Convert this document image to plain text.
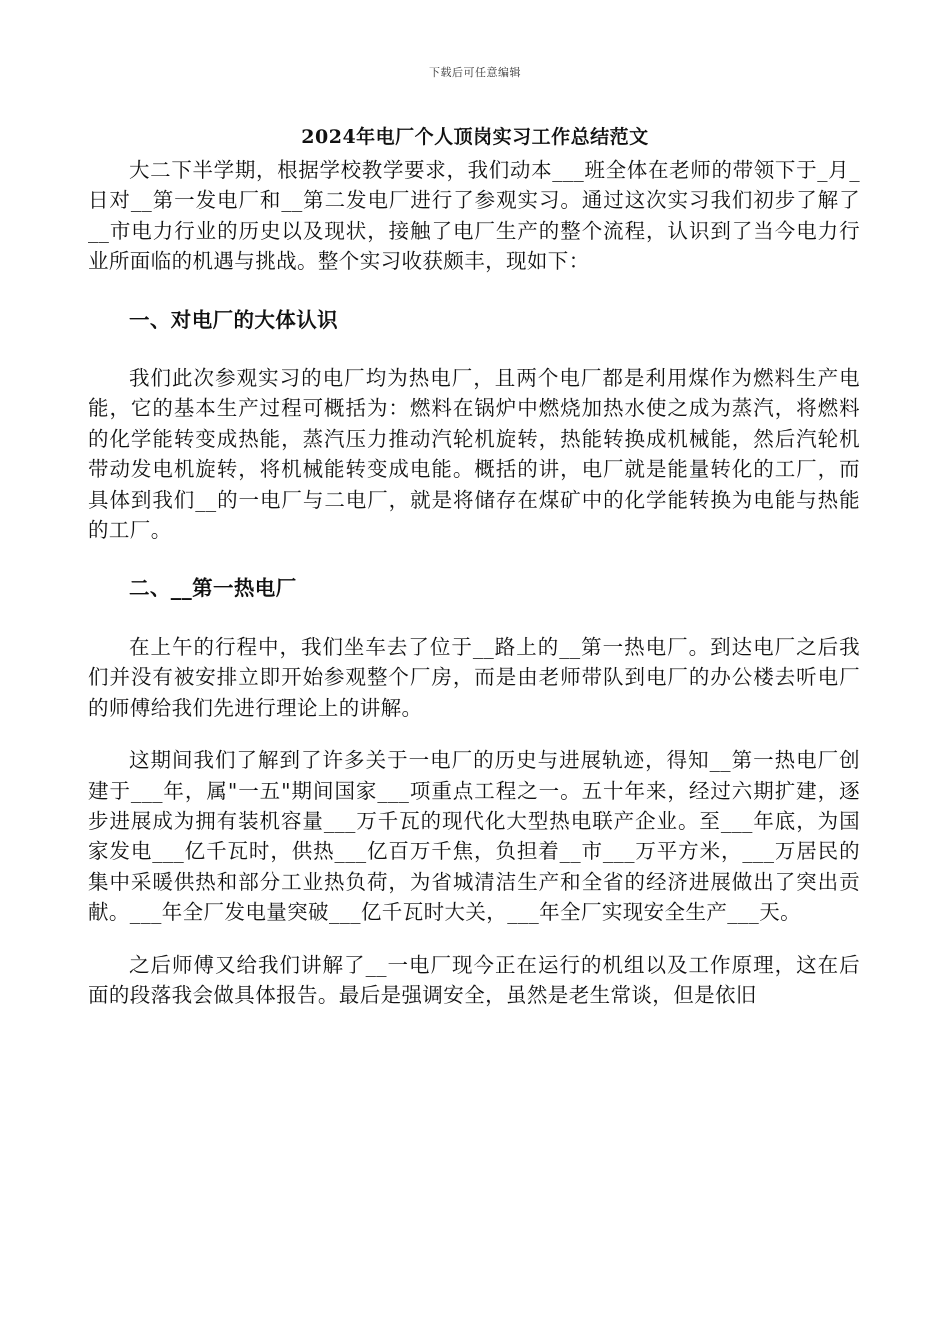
下载后可任意编辑
2024年电厂个人顶岗实习工作总结范文

大二下半学期，根据学校教学要求，我们动本___班全体在老师的带领下于_月_日对__第一发电厂和__第二发电厂进行了参观实习。通过这次实习我们初步了解了__市电力行业的历史以及现状，接触了电厂生产的整个流程，认识到了当今电力行业所面临的机遇与挑战。整个实习收获颇丰，现如下：

一、对电厂的大体认识

我们此次参观实习的电厂均为热电厂，且两个电厂都是利用煤作为燃料生产电能，它的基本生产过程可概括为：燃料在锅炉中燃烧加热水使之成为蒸汽，将燃料的化学能转变成热能，蒸汽压力推动汽轮机旋转，热能转换成机械能，然后汽轮机带动发电机旋转，将机械能转变成电能。概括的讲，电厂就是能量转化的工厂，而具体到我们__的一电厂与二电厂，就是将储存在煤矿中的化学能转换为电能与热能的工厂。

二、__第一热电厂

在上午的行程中，我们坐车去了位于__路上的__第一热电厂。到达电厂之后我们并没有被安排立即开始参观整个厂房，而是由老师带队到电厂的办公楼去听电厂的师傅给我们先进行理论上的讲解。

这期间我们了解到了许多关于一电厂的历史与进展轨迹，得知__第一热电厂创建于___年，属"一五"期间国家___项重点工程之一。五十年来，经过六期扩建，逐步进展成为拥有装机容量___万千瓦的现代化大型热电联产企业。至___年底，为国家发电___亿千瓦时，供热___亿百万千焦，负担着__市___万平方米，___万居民的集中采暖供热和部分工业热负荷，为省城清洁生产和全省的经济进展做出了突出贡献。___年全厂发电量突破___亿千瓦时大关，___年全厂实现安全生产___天。

之后师傅又给我们讲解了__一电厂现今正在运行的机组以及工作原理，这在后面的段落我会做具体报告。最后是强调安全，虽然是老生常谈，但是依旧
